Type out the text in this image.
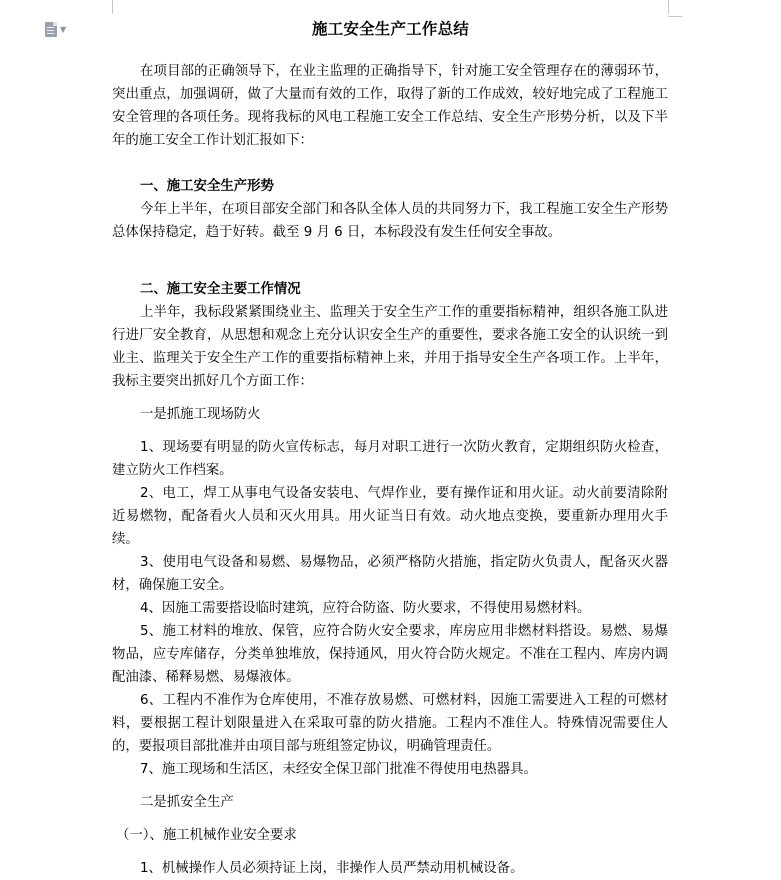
▼	施工安全生产工作总结

在项目部的正确领导下，在业主监理的正确指导下，针对施工安全管理存在的薄弱环节，突出重点，加强调研，做了大量而有效的工作，取得了新的工作成效，较好地完成了工程施工安全管理的各项任务。现将我标的风电工程施工安全工作总结、安全生产形势分析，以及下半年的施工安全工作计划汇报如下：

一、施工安全生产形势

今年上半年，在项目部安全部门和各队全体人员的共同努力下，我工程施工安全生产形势总体保持稳定，趋于好转。截至 9 月 6 日，本标段没有发生任何安全事故。

二、施工安全主要工作情况

上半年，我标段紧紧围绕业主、监理关于安全生产工作的重要指标精神，组织各施工队进行进厂安全教育，从思想和观念上充分认识安全生产的重要性，要求各施工安全的认识统一到业主、监理关于安全生产工作的重要指标精神上来，并用于指导安全生产各项工作。上半年，我标主要突出抓好几个方面工作：

一是抓施工现场防火

1、现场要有明显的防火宣传标志，每月对职工进行一次防火教育，定期组织防火检查，建立防火工作档案。

2、电工，焊工从事电气设备安装电、气焊作业，要有操作证和用火证。动火前要清除附近易燃物，配备看火人员和灭火用具。用火证当日有效。动火地点变换，要重新办理用火手续。

3、使用电气设备和易燃、易爆物品，必须严格防火措施，指定防火负责人，配备灭火器材，确保施工安全。

4、因施工需要搭设临时建筑，应符合防盗、防火要求，不得使用易燃材料。

5、施工材料的堆放、保管，应符合防火安全要求，库房应用非燃材料搭设。易燃、易爆物品，应专库储存，分类单独堆放，保持通风，用火符合防火规定。不准在工程内、库房内调配油漆、稀释易燃、易爆液体。

6、工程内不准作为仓库使用，不准存放易燃、可燃材料，因施工需要进入工程的可燃材料，要根据工程计划限量进入在采取可靠的防火措施。工程内不准住人。特殊情况需要住人的，要报项目部批准并由项目部与班组签定协议，明确管理责任。

7、施工现场和生活区，未经安全保卫部门批准不得使用电热器具。

二是抓安全生产

（一）、施工机械作业安全要求

1、机械操作人员必须持证上岗，非操作人员严禁动用机械设备。
